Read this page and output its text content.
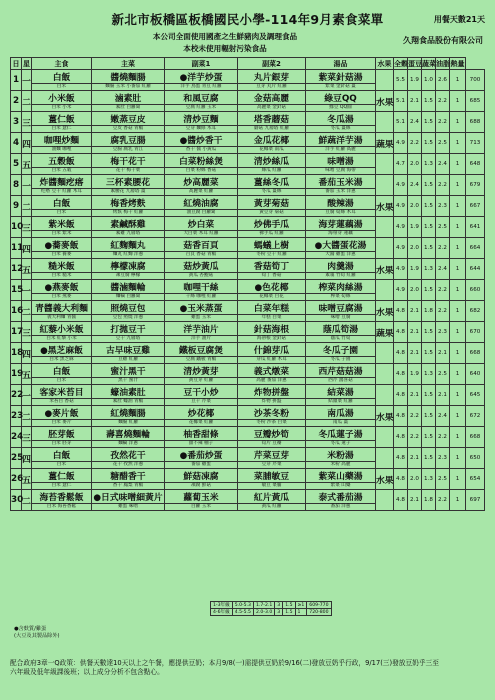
新北市板橋區板橋國民小學-114年9月素食菜單	用餐天數21天
本公司全面使用國產之生鮮豬肉及調理食品
本校未使用輻射污染食品
久翔食品股份有限公司
日	星	主食	主菜	副菜1	副菜2	湯品	水果	全穀	蛋豆	蔬菜	油脂	熱量	
1	一	白飯	醬燒麵腸	●洋芋炒蛋	丸片銀芽	紫菜針菇湯		5.5	1.9	1.0	2.6	1	700
		白米	麵腸 玉米 小番茄 紅蘿	洋芋 鳥蛋 青豆 紅蘿	豆芽 丸片 紅蘿	紫菜 金針菇 薑							
2	二	小米飯	滷素肚	和風豆腐	金菇高麗	綠豆QQ	水果	5.1	2.1	1.5	2.2	1	685
		白米 小米	素肚 白蘿蔔	豆腐 紅蘿 玉米	高麗菜 金針菇	綠豆 QQ圓							
3	三	薑仁飯	嫩蒸豆皮	清炒豆麵	塔香蘑菇	冬瓜湯		5.1	2.4	1.5	2.2	1	688
		白米 薏仁	豆皮 香菇 青椒	豆芽 麵條 木耳	蘑菇 九層塔 紅蘿	冬瓜 薑絲							
4	四	咖哩炒麵	腐乳豆腸	●醬炒香干	金瓜花椰	鮮蔬洋芋湯	蔬果	4.9	2.2	1.5	2.5	1	713
		油麵 咖哩	豆腸 腐乳 青江	香干 醬 小黃瓜	花椰菜 南瓜	洋芋 紅蘿 高麗							
5	五	五穀飯	梅干花干	白菜粉絲煲	清炒絲瓜	味噌湯		4.7	2.0	1.3	2.4	1	648
		白米 五穀	花干 梅干菜	白菜 粉絲 香菇	絲瓜 紅蘿	味噌 豆腐 海帶							
8	一	炸醬麵疙瘩	三杯素腰花	炒高麗菜	薑絲冬瓜	番茄玉米湯		4.9	2.4	1.5	2.2	1	679
		疙瘩 豆干 紅蘿 木耳	素腰花 九層塔 薑	高麗菜 紅蘿	冬瓜 薑絲	番茄 玉米 洋蔥							
9	二	白飯	梅香烤麩	紅燒油腐	黃芽菊菇	酸辣湯	水果	4.9	2.0	1.5	2.3	1	667
		白米	烤麩 梅干 紅蘿	油豆腐 白蘿蔔	黃豆芽 菊菇	豆腐 筍絲 木耳							
10	三	紫米飯	素鹹酥雞	炒白菜	炒佛手瓜	海芽蓮藕湯		4.9	1.9	1.5	2.5	1	641
		白米 紫米	素雞 九層塔	大白菜 木耳 紅蘿	佛手瓜 紅蘿	海帶芽 蓮藕							
11	四	●蕎麥飯	紅麴麵丸	菇香百頁	螞蟻上樹	●大醬蛋花湯		4.9	2.0	1.5	2.2	1	664
		白米 蕎麥	麵丸 紅麴 洋蔥	百頁 香菇 青椒	冬粉 豆干 紅蘿	大醬 雞蛋 洋蔥							
12	五	糙米飯	檸檬凍腐	菇炒黃瓜	香菇筍丁	肉羹湯	水果	4.9	1.9	1.3	2.4	1	644
		白米 糙米	凍豆腐 檸檬	黃瓜 杏鮑菇	筍丁 香菇	素羹 竹筍 紅蘿							
15	一	●燕麥飯	醬滷麵輪	咖哩干絲	●色花椰	榨菜肉絲湯		4.9	2.0	1.5	2.2	1	660
		白米 燕麥	麵輪 白蘿蔔	干絲 咖哩 紅蘿	花椰菜 白花	榨菜 筍絲							
16	二	青醬義大利麵	照燒豆包	●玉米蒸蛋	白菜年糕	味噌豆腐湯	水果	4.8	2.1	1.8	2.2	1	682
		義大利麵 青醬	豆包 照燒 洋蔥	雞蛋 玉米	年糕 白菜	味噌 豆腐							
17	三	紅藜小米飯	打拋豆干	洋芋油片	針菇海根	蔭瓜筍湯	蔬果	4.8	2.1	1.5	2.3	1	670
		白米 紅藜 小米	豆干 九層塔	洋芋 油片	海帶根 金針菇	蔭瓜 竹筍							
18	四	●黑芝麻飯	古早味豆雞	鐵板豆腐煲	什錦芽瓜	冬瓜子園		4.8	2.1	1.5	2.1	1	668
		白米 黑芝麻	豆雞 紅蘿	豆腐 鐵板 青椒	芽瓜 紅蘿 木耳	冬瓜 子園							
19	五	白飯	蜜汁黑干	清炒黃芽	義式燉菜	西芹菇菇湯		4.8	1.9	1.3	2.5	1	640
		白米	黑干 蜜汁	黃豆芽 紅蘿	高麗 番茄 洋蔥	西芹 鴻喜菇							
22	一	客家米苔目	蠔油素肚	豆干小炒	炸物拼盤	結菜湯		4.8	2.1	1.5	2.1	1	645
		米苔目 香菇	素肚 蠔油 青椒	豆干 芹菜	炸物 拼盤	結頭菜 紅蘿							
23	二	●麥片飯	紅燒麵腸	炒花椰	沙茶冬粉	南瓜湯	水果	4.8	2.2	1.5	2.4	1	672
		白米 麥片	麵腸 紅蘿	花椰菜 紅蘿	冬粉 沙茶 白菜	南瓜 薑							
24	三	胚芽飯	壽喜燒麵輪	柚香甜條	豆瓣炒筍	冬瓜蓮子湯		4.8	2.2	1.5	2.2	1	668
		白米 胚芽	麵輪 洋蔥	甜不辣 柚子	筍片 豆瓣	冬瓜 蓮子							
25	四	白飯	孜然花干	●番茄炒蛋	芹菜豆芽	米粉湯		4.8	2.1	1.5	2.3	1	650
		白米	花干 孜然 洋蔥	番茄 雞蛋	豆芽 芹菜	米粉 高麗							
26	五	薑仁飯	糖醋香干	鮮菇凍腐	菜脯敏豆	紫菜山藥湯	水果	4.8	2.0	1.3	2.5	1	654
		白米 薏仁	香干 鳳梨 青椒	凍腐 鮮菇	敏豆 菜脯	紫菜 山藥							
30	二	海苔香鬆飯	●日式味噌細黃片	蘿蔔玉米	紅片黃瓜	泰式番茄湯		4.8	2.1	1.8	2.2	1	697
		白米 海苔香鬆	雞蛋 味噌	白蘿 玉米	黃瓜 紅蘿	番茄 洋蔥							
1-3年級	5.0-5.3	1.7-2.1	3	1.5	≥1	609-770
4-6年級	4.5-5.5	2.0-3.0	3	1.5	1	720-800
●含麩質/雞蛋
(大豆及其製品除外)
配合政府3章一Q政策：供餐天數達10天以上之午餐，應提供豆奶；本月9/8(一)需提供豆奶於9/16(二)發放豆奶乎行政，9/17(三)發放豆奶乎三至
六年級及低年級課後班；以上成分分析不包含點心。
